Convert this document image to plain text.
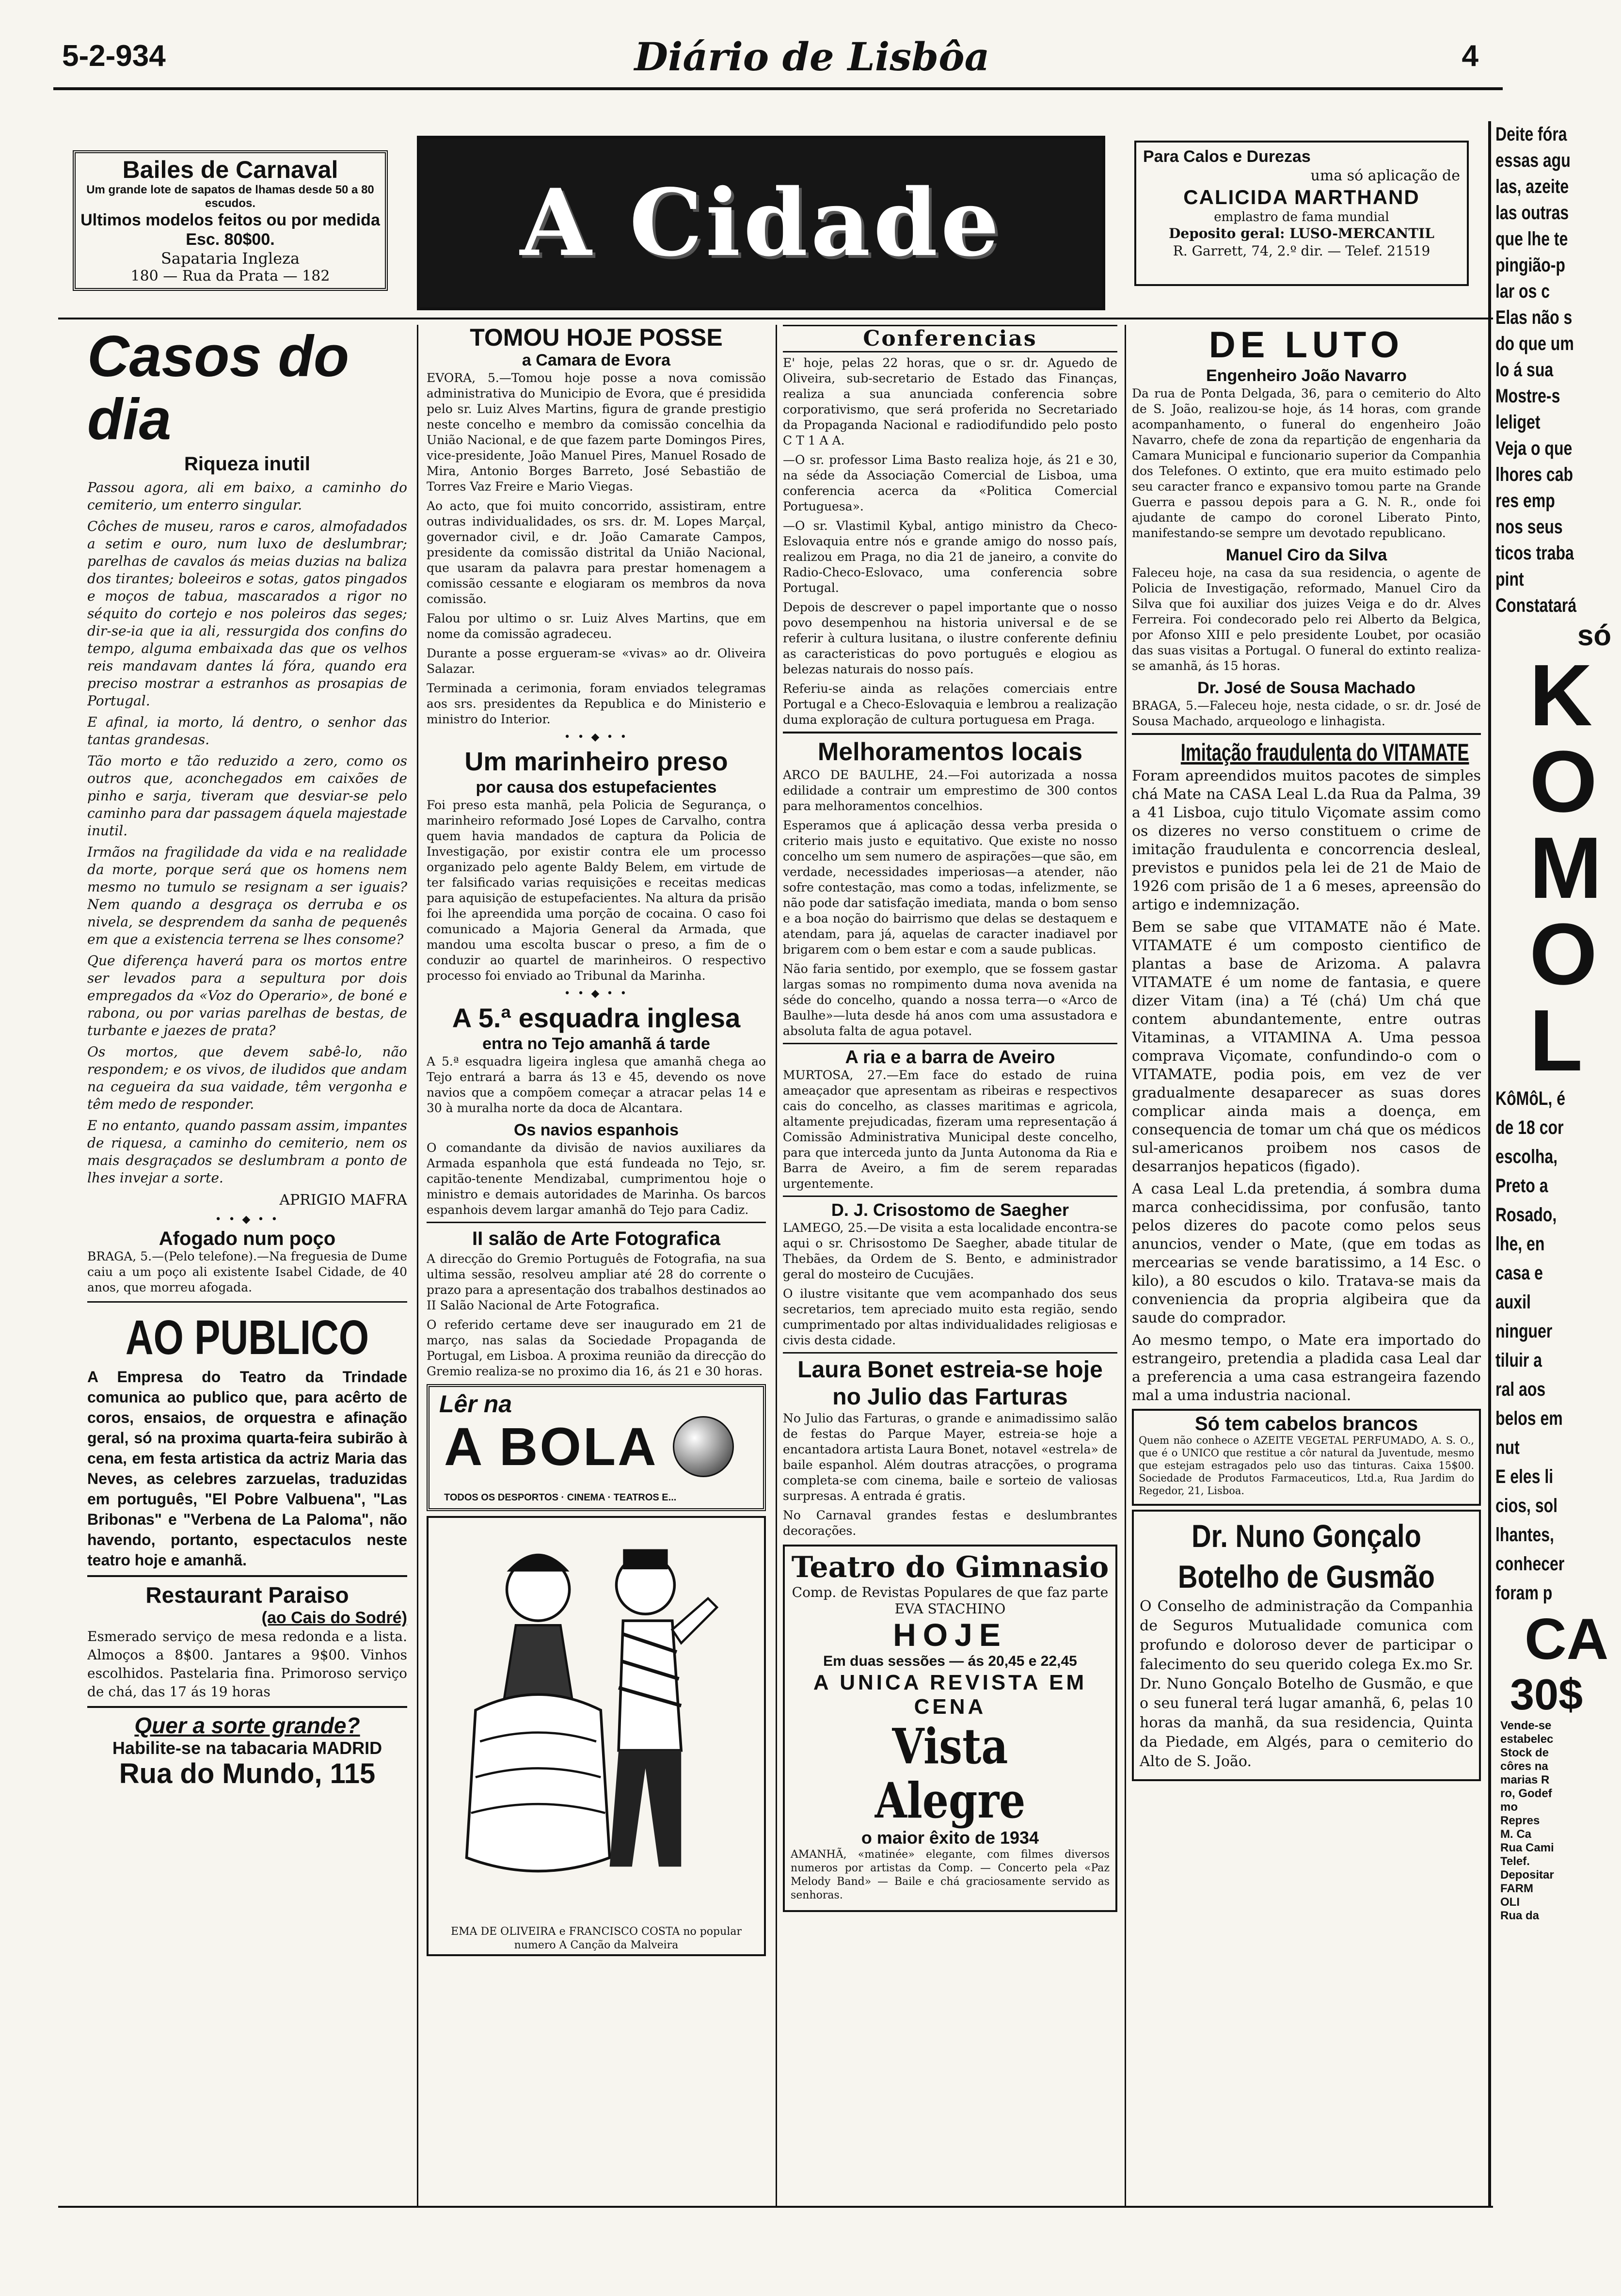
5-2-934	Diário de Lisbôa	4
Bailes de Carnaval
Um grande lote de sapatos de lhamas desde 50 a 80 escudos.
Ultimos modelos feitos ou por medida Esc. 80$00.
Sapataria Ingleza
180 — Rua da Prata — 182	A Cidade
Para Calos e Durezas
uma só aplicação de
CALICIDA MARTHAND
emplastro de fama mundial
Deposito geral: LUSO-MERCANTIL
R. Garrett, 74, 2.º dir. — Telef. 21519
Casos do dia
Riqueza inutil

Passou agora, ali em baixo, a caminho do cemiterio, um enterro singular.

Côches de museu, raros e caros, almofadados a setim e ouro, num luxo de deslumbrar; parelhas de cavalos ás meias duzias na baliza dos tirantes; boleeiros e sotas, gatos pingados e moços de tabua, mascarados a rigor no séquito do cortejo e nos poleiros das seges; dir-se-ia que ia ali, ressurgida dos confins do tempo, alguma embaixada das que os velhos reis mandavam dantes lá fóra, quando era preciso mostrar a estranhos as prosapias de Portugal.

E afinal, ia morto, lá dentro, o senhor das tantas grandesas.

Tão morto e tão reduzido a zero, como os outros que, aconchegados em caixões de pinho e sarja, tiveram que desviar-se pelo caminho para dar passagem áquela majestade inutil.

Irmãos na fragilidade da vida e na realidade da morte, porque será que os homens nem mesmo no tumulo se resignam a ser iguais? Nem quando a desgraça os derruba e os nivela, se desprendem da sanha de pequenês em que a existencia terrena se lhes consome?

Que diferença haverá para os mortos entre ser levados para a sepultura por dois empregados da «Voz do Operario», de boné e rabona, ou por varias parelhas de bestas, de turbante e jaezes de prata?

Os mortos, que devem sabê-lo, não respondem; e os vivos, de iludidos que andam na cegueira da sua vaidade, têm vergonha e têm medo de responder.

E no entanto, quando passam assim, impantes de riquesa, a caminho do cemiterio, nem os mais desgraçados se deslumbram a ponto de lhes invejar a sorte.

APRIGIO MAFRA
• • ◆ • •
Afogado num poço

BRAGA, 5.—(Pelo telefone).—Na freguesia de Dume caiu a um poço ali existente Isabel Cidade, de 40 anos, que morreu afogada.

AO PUBLICO

A Empresa do Teatro da Trindade comunica ao publico que, para acêrto de coros, ensaios, de orquestra e afinação geral, só na proxima quarta-feira subirão à cena, em festa artistica da actriz Maria das Neves, as celebres zarzuelas, traduzidas em português, "El Pobre Valbuena", "Las Bribonas" e "Verbena de La Paloma", não havendo, portanto, espectaculos neste teatro hoje e amanhã.

Restaurant Paraiso
(ao Cais do Sodré)

Esmerado serviço de mesa redonda e a lista. Almoços a 8$00. Jantares a 9$00. Vinhos escolhidos. Pastelaria fina. Primoroso serviço de chá, das 17 ás 19 horas

Quer a sorte grande?
Habilite-se na tabacaria MADRID
Rua do Mundo, 115
TOMOU HOJE POSSE
a Camara de Evora

EVORA, 5.—Tomou hoje posse a nova comissão administrativa do Municipio de Evora, que é presidida pelo sr. Luiz Alves Martins, figura de grande prestigio neste concelho e membro da comissão concelhia da União Nacional, e de que fazem parte Domingos Pires, vice-presidente, João Manuel Pires, Manuel Rosado de Mira, Antonio Borges Barreto, José Sebastião de Torres Vaz Freire e Mario Viegas.

Ao acto, que foi muito concorrido, assistiram, entre outras individualidades, os srs. dr. M. Lopes Marçal, governador civil, e dr. João Camarate Campos, presidente da comissão distrital da União Nacional, que usaram da palavra para prestar homenagem a comissão cessante e elogiaram os membros da nova comissão.

Falou por ultimo o sr. Luiz Alves Martins, que em nome da comissão agradeceu.

Durante a posse ergueram-se «vivas» ao dr. Oliveira Salazar.

Terminada a cerimonia, foram enviados telegramas aos srs. presidentes da Republica e do Ministerio e ministro do Interior.

• • ◆ • •
Um marinheiro preso
por causa dos estupefacientes

Foi preso esta manhã, pela Policia de Segurança, o marinheiro reformado José Lopes de Carvalho, contra quem havia mandados de captura da Policia de Investigação, por existir contra ele um processo organizado pelo agente Baldy Belem, em virtude de ter falsificado varias requisições e receitas medicas para aquisição de estupefacientes. Na altura da prisão foi lhe apreendida uma porção de cocaina. O caso foi comunicado a Majoria General da Armada, que mandou uma escolta buscar o preso, a fim de o conduzir ao quartel de marinheiros. O respectivo processo foi enviado ao Tribunal da Marinha.

• • ◆ • •
A 5.ª esquadra inglesa
entra no Tejo amanhã á tarde

A 5.ª esquadra ligeira inglesa que amanhã chega ao Tejo entrará a barra ás 13 e 45, devendo os nove navios que a compõem começar a atracar pelas 14 e 30 à muralha norte da doca de Alcantara.

Os navios espanhois

O comandante da divisão de navios auxiliares da Armada espanhola que está fundeada no Tejo, sr. capitão-tenente Mendizabal, cumprimentou hoje o ministro e demais autoridades de Marinha. Os barcos espanhois devem largar amanhã do Tejo para Cadiz.

II salão de Arte Fotografica

A direcção do Gremio Português de Fotografia, na sua ultima sessão, resolveu ampliar até 28 do corrente o prazo para a apresentação dos trabalhos destinados ao II Salão Nacional de Arte Fotografica.

O referido certame deve ser inaugurado em 21 de março, nas salas da Sociedade Propaganda de Portugal, em Lisboa. A proxima reunião da direcção do Gremio realiza-se no proximo dia 16, ás 21 e 30 horas.

Lêr na
A BOLA
TODOS OS DESPORTOS · CINEMA · TEATROS E...
EMA DE OLIVEIRA e FRANCISCO COSTA no popular numero A Canção da Malveira
Conferencias

E' hoje, pelas 22 horas, que o sr. dr. Aguedo de Oliveira, sub-secretario de Estado das Finanças, realiza a sua anunciada conferencia sobre corporativismo, que será proferida no Secretariado da Propaganda Nacional e radiodifundido pelo posto C T 1 A A.

—O sr. professor Lima Basto realiza hoje, ás 21 e 30, na séde da Associação Comercial de Lisboa, uma conferencia acerca da «Politica Comercial Portuguesa».

—O sr. Vlastimil Kybal, antigo ministro da Checo-Eslovaquia entre nós e grande amigo do nosso país, realizou em Praga, no dia 21 de janeiro, a convite do Radio-Checo-Eslovaco, uma conferencia sobre Portugal.

Depois de descrever o papel importante que o nosso povo desempenhou na historia universal e de se referir à cultura lusitana, o ilustre conferente definiu as caracteristicas do povo português e elogiou as belezas naturais do nosso país.

Referiu-se ainda as relações comerciais entre Portugal e a Checo-Eslovaquia e lembrou a realização duma exploração de cultura portuguesa em Praga.

Melhoramentos locais

ARCO DE BAULHE, 24.—Foi autorizada a nossa edilidade a contrair um emprestimo de 300 contos para melhoramentos concelhios.

Esperamos que á aplicação dessa verba presida o criterio mais justo e equitativo. Que existe no nosso concelho um sem numero de aspirações—que são, em verdade, necessidades imperiosas—a atender, não sofre contestação, mas como a todas, infelizmente, se não pode dar satisfação imediata, manda o bom senso e a boa noção do bairrismo que delas se destaquem e atendam, para já, aquelas de caracter inadiavel por brigarem com o bem estar e com a saude publicas.

Não faria sentido, por exemplo, que se fossem gastar largas somas no rompimento duma nova avenida na séde do concelho, quando a nossa terra—o «Arco de Baulhe»—luta desde há anos com uma assustadora e absoluta falta de agua potavel.

A ria e a barra de Aveiro

MURTOSA, 27.—Em face do estado de ruina ameaçador que apresentam as ribeiras e respectivos cais do concelho, as classes maritimas e agricola, altamente prejudicadas, fizeram uma representação á Comissão Administrativa Municipal deste concelho, para que interceda junto da Junta Autonoma da Ria e Barra de Aveiro, a fim de serem reparadas urgentemente.

D. J. Crisostomo de Saegher

LAMEGO, 25.—De visita a esta localidade encontra-se aqui o sr. Chrisostomo De Saegher, abade titular de Thebães, da Ordem de S. Bento, e administrador geral do mosteiro de Cucujães.

O ilustre visitante que vem acompanhado dos seus secretarios, tem apreciado muito esta região, sendo cumprimentado por altas individualidades religiosas e civis desta cidade.

Laura Bonet estreia-se hoje no Julio das Farturas

No Julio das Farturas, o grande e animadissimo salão de festas do Parque Mayer, estreia-se hoje a encantadora artista Laura Bonet, notavel «estrela» de baile espanhol. Além doutras atracções, o programa completa-se com cinema, baile e sorteio de valiosas surpresas. A entrada é gratis.

No Carnaval grandes festas e deslumbrantes decorações.

Teatro do Gimnasio
Comp. de Revistas Populares de que faz parte EVA STACHINO
HOJE
Em duas sessões — ás 20,45 e 22,45
A UNICA REVISTA EM CENA
Vista Alegre
o maior êxito de 1934

AMANHÃ, «matinée» elegante, com filmes diversos numeros por artistas da Comp. — Concerto pela «Paz Melody Band» — Baile e chá graciosamente servido as senhoras.

DE LUTO
Engenheiro João Navarro

Da rua de Ponta Delgada, 36, para o cemiterio do Alto de S. João, realizou-se hoje, ás 14 horas, com grande acompanhamento, o funeral do engenheiro João Navarro, chefe de zona da repartição de engenharia da Camara Municipal e funcionario superior da Companhia dos Telefones. O extinto, que era muito estimado pelo seu caracter franco e expansivo tomou parte na Grande Guerra e passou depois para a G. N. R., onde foi ajudante de campo do coronel Liberato Pinto, manifestando-se sempre um devotado republicano.

Manuel Ciro da Silva

Faleceu hoje, na casa da sua residencia, o agente de Policia de Investigação, reformado, Manuel Ciro da Silva que foi auxiliar dos juizes Veiga e do dr. Alves Ferreira. Foi condecorado pelo rei Alberto da Belgica, por Afonso XIII e pelo presidente Loubet, por ocasião das suas visitas a Portugal. O funeral do extinto realiza-se amanhã, ás 15 horas.

Dr. José de Sousa Machado

BRAGA, 5.—Faleceu hoje, nesta cidade, o sr. dr. José de Sousa Machado, arqueologo e linhagista.

Imitação fraudulenta do VITAMATE

Foram apreendidos muitos pacotes de simples chá Mate na CASA Leal L.da Rua da Palma, 39 a 41 Lisboa, cujo titulo Viçomate assim como os dizeres no verso constituem o crime de imitação fraudulenta e concorrencia desleal, previstos e punidos pela lei de 21 de Maio de 1926 com prisão de 1 a 6 meses, apreensão do artigo e indemnização.

Bem se sabe que VITAMATE não é Mate. VITAMATE é um composto cientifico de plantas a base de Arizoma. A palavra VITAMATE é um nome de fantasia, e quere dizer Vitam (ina) a Té (chá) Um chá que contem abundantemente, entre outras Vitaminas, a VITAMINA A. Uma pessoa comprava Viçomate, confundindo-o com o VITAMATE, podia pois, em vez de ver gradualmente desaparecer as suas dores complicar ainda mais a doença, em consequencia de tomar um chá que os médicos sul-americanos proibem nos casos de desarranjos hepaticos (figado).

A casa Leal L.da pretendia, á sombra duma marca conhecidissima, por confusão, tanto pelos dizeres do pacote como pelos seus anuncios, vender o Mate, (que em todas as mercearias se vende baratissimo, a 14 Esc. o kilo), a 80 escudos o kilo. Tratava-se mais da conveniencia da propria algibeira que da saude do comprador.

Ao mesmo tempo, o Mate era importado do estrangeiro, pretendia a pladida casa Leal dar a preferencia a uma casa estrangeira fazendo mal a uma industria nacional.

Só tem cabelos brancos

Quem não conhece o AZEITE VEGETAL PERFUMADO, A. S. O., que é o UNICO que restitue a côr natural da Juventude, mesmo que estejam estragados pelo uso das tinturas. Caixa 15$00. Sociedade de Produtos Farmaceuticos, Ltd.a, Rua Jardim do Regedor, 21, Lisboa.

Dr. Nuno Gonçalo Botelho de Gusmão

O Conselho de administração da Companhia de Seguros Mutualidade comunica com profundo e doloroso dever de participar o falecimento do seu querido colega Ex.mo Sr. Dr. Nuno Gonçalo Botelho de Gusmão, e que o seu funeral terá lugar amanhã, 6, pelas 10 horas da manhã, da sua residencia, Quinta da Piedade, em Algés, para o cemiterio do Alto de S. João.

Deite fóra
essas agu
las, azeite
las outras
que lhe te
pingião-p
lar os c
Elas não s
do que um
lo á sua
Mostre-s
leliget
Veja o que
lhores cab
res emp
nos seus
ticos traba
pint
Constatará
só
K
O
M
O
L
KôMôL, é
de 18 cor
escolha,
Preto a
Rosado,
lhe, en
casa e
auxil
ninguer
tiluir a
ral aos
belos em
nut
E eles li
cios, sol
lhantes,
conhecer
foram p
CA
30$
Vende-se
estabelec
Stock de
côres na
marias R
ro, Godef
mo
Repres
M. Ca
Rua Cami
Telef.
Depositar
FARM
OLI
Rua da
